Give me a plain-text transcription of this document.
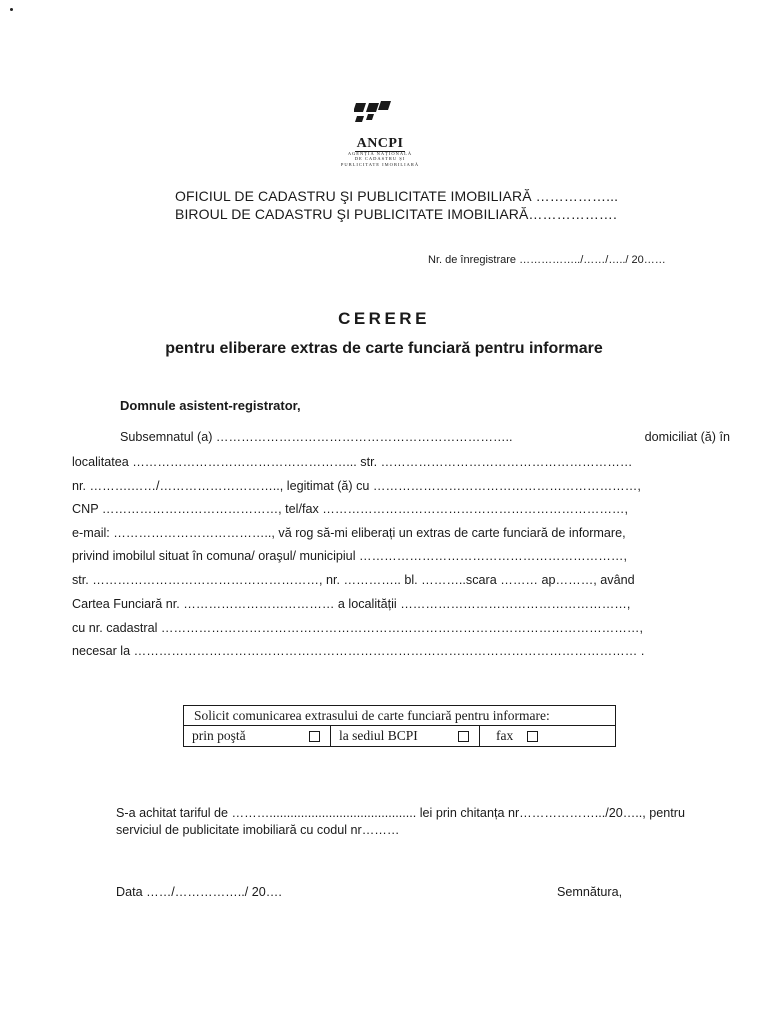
ANCPI
AGENȚIA NAȚIONALĂ
DE CADASTRU ȘI
PUBLICITATE IMOBILIARĂ
OFICIUL DE CADASTRU ŞI PUBLICITATE IMOBILIARĂ ……………...
BIROUL DE CADASTRU ŞI PUBLICITATE IMOBILIARĂ……………….
Nr. de înregistrare ……………../……/…../ 20……
CERERE
pentru eliberare extras de carte funciară pentru informare
Domnule asistent-registrator,
Subsemnatul (a) ……………………………………………………………..	domiciliat (ă) în
localitatea ……………………………………………... str. ……………………………………………………
nr. ……….……/……………………….., legitimat (ă) cu ………………………………………………………,
CNP ……………………………………, tel/fax ………………………………………………………………,
e-mail: ……………………………….., vă rog să-mi eliberați un extras de carte funciară de informare,
privind imobilul situat în comuna/ oraşul/ municipiul ………………………………………………………,
str. ………………………………………………, nr. ………….. bl. ………..scara ……… ap………, având
Cartea Funciară nr. ……………………………… a localității ………………………………………………,
cu nr. cadastral ……………………………………………………………………………………………………,
necesar la ………………………………………………………………………………………………………… .
Solicit comunicarea extrasului de carte funciară pentru informare:
prin poştă	la sediul BCPI	fax
S-a achitat tariful de ……….......................................... lei prin chitanța nr……………….../20….., pentru
serviciul de publicitate imobiliară cu codul nr………
Data ……/……………../ 20….	Semnătura,
